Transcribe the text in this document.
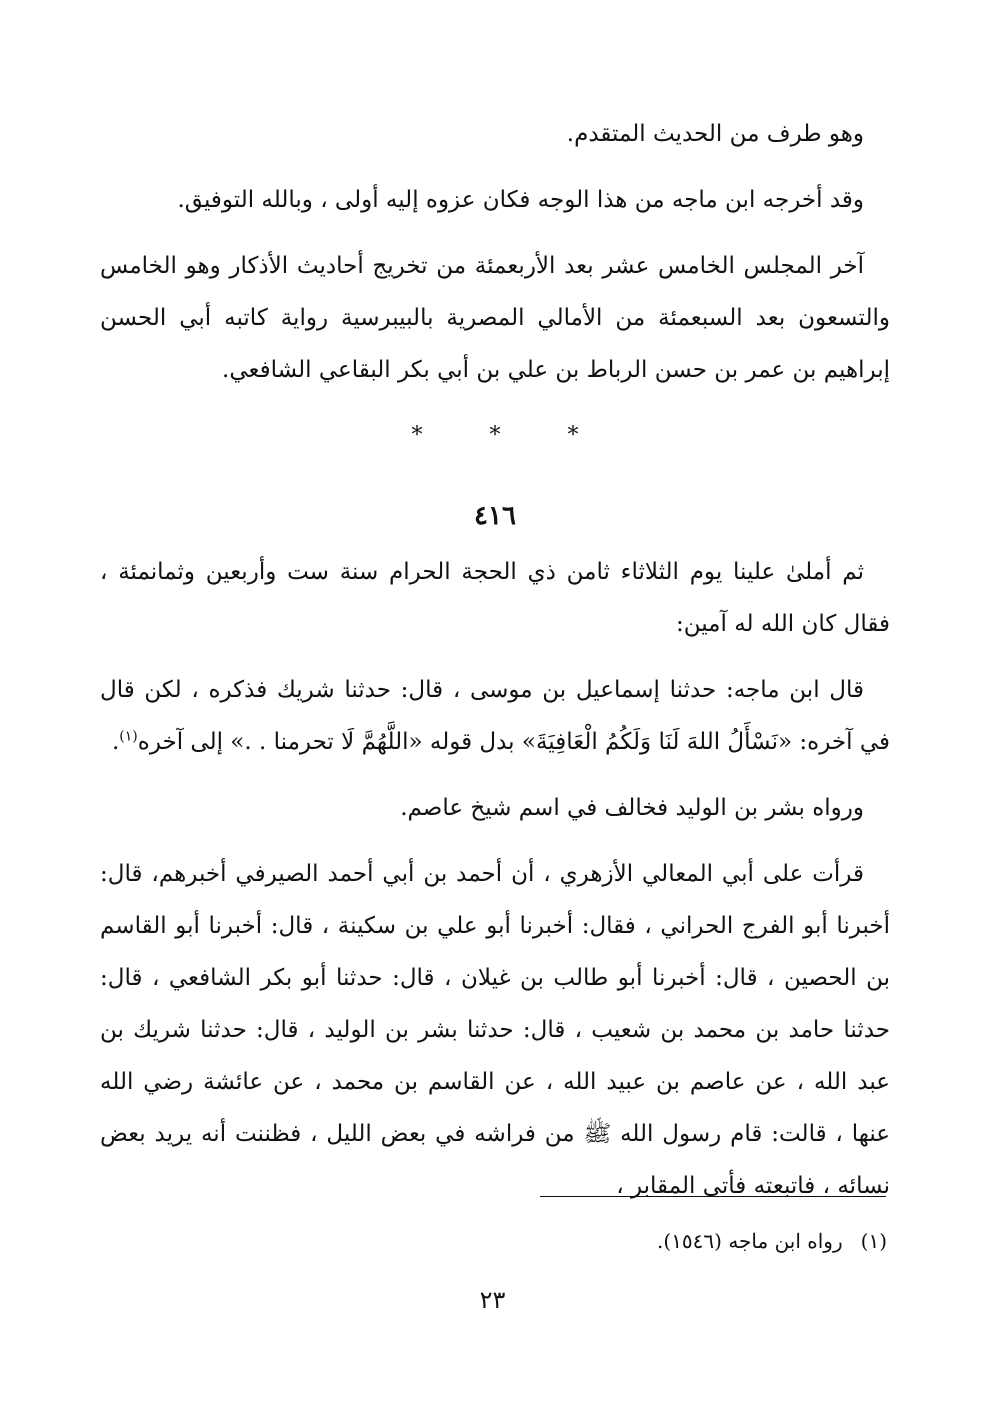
وهو طرف من الحديث المتقدم.

وقد أخرجه ابن ماجه من هذا الوجه فكان عزوه إليه أولى ، وبالله التوفيق.

آخر المجلس الخامس عشر بعد الأربعمئة من تخريج أحاديث الأذكار وهو الخامس والتسعون بعد السبعمئة من الأمالي المصرية بالبيبرسية رواية كاتبه أبي الحسن إبراهيم بن عمر بن حسن الرباط بن علي بن أبي بكر البقاعي الشافعي.

* * *
٤١٦

ثم أملىٰ علينا يوم الثلاثاء ثامن ذي الحجة الحرام سنة ست وأربعين وثمانمئة ، فقال كان الله له آمين:

قال ابن ماجه: حدثنا إسماعيل بن موسى ، قال: حدثنا شريك فذكره ، لكن قال في آخره: «نَسْأَلُ اللهَ لَنَا وَلَكُمُ الْعَافِيَةَ» بدل قوله «اللَّهُمَّ لَا تحرمنا . .» إلى آخره$^{(١)}$.

ورواه بشر بن الوليد فخالف في اسم شيخ عاصم.

قرأت على أبي المعالي الأزهري ، أن أحمد بن أبي أحمد الصيرفي أخبرهم، قال: أخبرنا أبو الفرج الحراني ، فقال: أخبرنا أبو علي بن سكينة ، قال: أخبرنا أبو القاسم بن الحصين ، قال: أخبرنا أبو طالب بن غيلان ، قال: حدثنا أبو بكر الشافعي ، قال: حدثنا حامد بن محمد بن شعيب ، قال: حدثنا بشر بن الوليد ، قال: حدثنا شريك بن عبد الله ، عن عاصم بن عبيد الله ، عن القاسم بن محمد ، عن عائشة رضي الله عنها ، قالت: قام رسول الله ﷺ من فراشه في بعض الليل ، فظننت أنه يريد بعض نسائه ، فاتبعته فأتى المقابر ،

(١)رواه ابن ماجه (١٥٤٦).
٢٣
